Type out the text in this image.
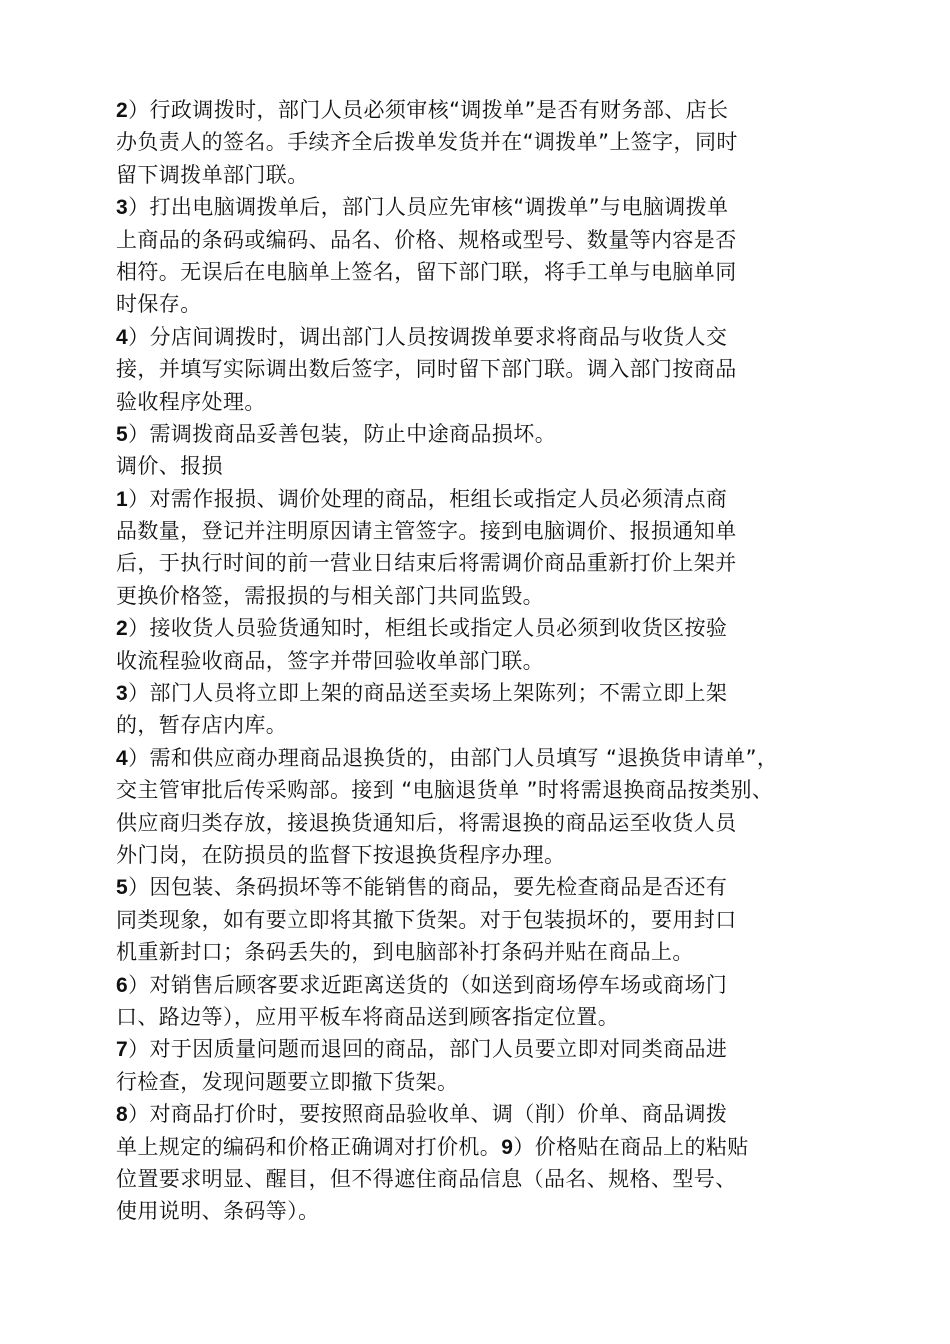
2）行政调拨时，部门人员必须审核“调拨单”是否有财务部、店长
办负责人的签名。手续齐全后拨单发货并在“调拨单”上签字，同时
留下调拨单部门联。
3）打出电脑调拨单后，部门人员应先审核“调拨单”与电脑调拨单
上商品的条码或编码、品名、价格、规格或型号、数量等内容是否
相符。无误后在电脑单上签名，留下部门联，将手工单与电脑单同
时保存。
4）分店间调拨时，调出部门人员按调拨单要求将商品与收货人交
接，并填写实际调出数后签字，同时留下部门联。调入部门按商品
验收程序处理。
5）需调拨商品妥善包装，防止中途商品损坏。
调价、报损
1）对需作报损、调价处理的商品，柜组长或指定人员必须清点商
品数量，登记并注明原因请主管签字。接到电脑调价、报损通知单
后，于执行时间的前一营业日结束后将需调价商品重新打价上架并
更换价格签，需报损的与相关部门共同监毁。
2）接收货人员验货通知时，柜组长或指定人员必须到收货区按验
收流程验收商品，签字并带回验收单部门联。
3）部门人员将立即上架的商品送至卖场上架陈列；不需立即上架
的，暂存店内库。
4）需和供应商办理商品退换货的，由部门人员填写 “退换货申请单”，
交主管审批后传采购部。接到 “电脑退货单 ”时将需退换商品按类别、
供应商归类存放，接退换货通知后，将需退换的商品运至收货人员
外门岗，在防损员的监督下按退换货程序办理。
5）因包装、条码损坏等不能销售的商品，要先检查商品是否还有
同类现象，如有要立即将其撤下货架。对于包装损坏的，要用封口
机重新封口；条码丢失的，到电脑部补打条码并贴在商品上。
6）对销售后顾客要求近距离送货的（如送到商场停车场或商场门
口、路边等），应用平板车将商品送到顾客指定位置。
7）对于因质量问题而退回的商品，部门人员要立即对同类商品进
行检查，发现问题要立即撤下货架。
8）对商品打价时，要按照商品验收单、调（削）价单、商品调拨
单上规定的编码和价格正确调对打价机。9）价格贴在商品上的粘贴
位置要求明显、醒目，但不得遮住商品信息（品名、规格、型号、
使用说明、条码等）。
